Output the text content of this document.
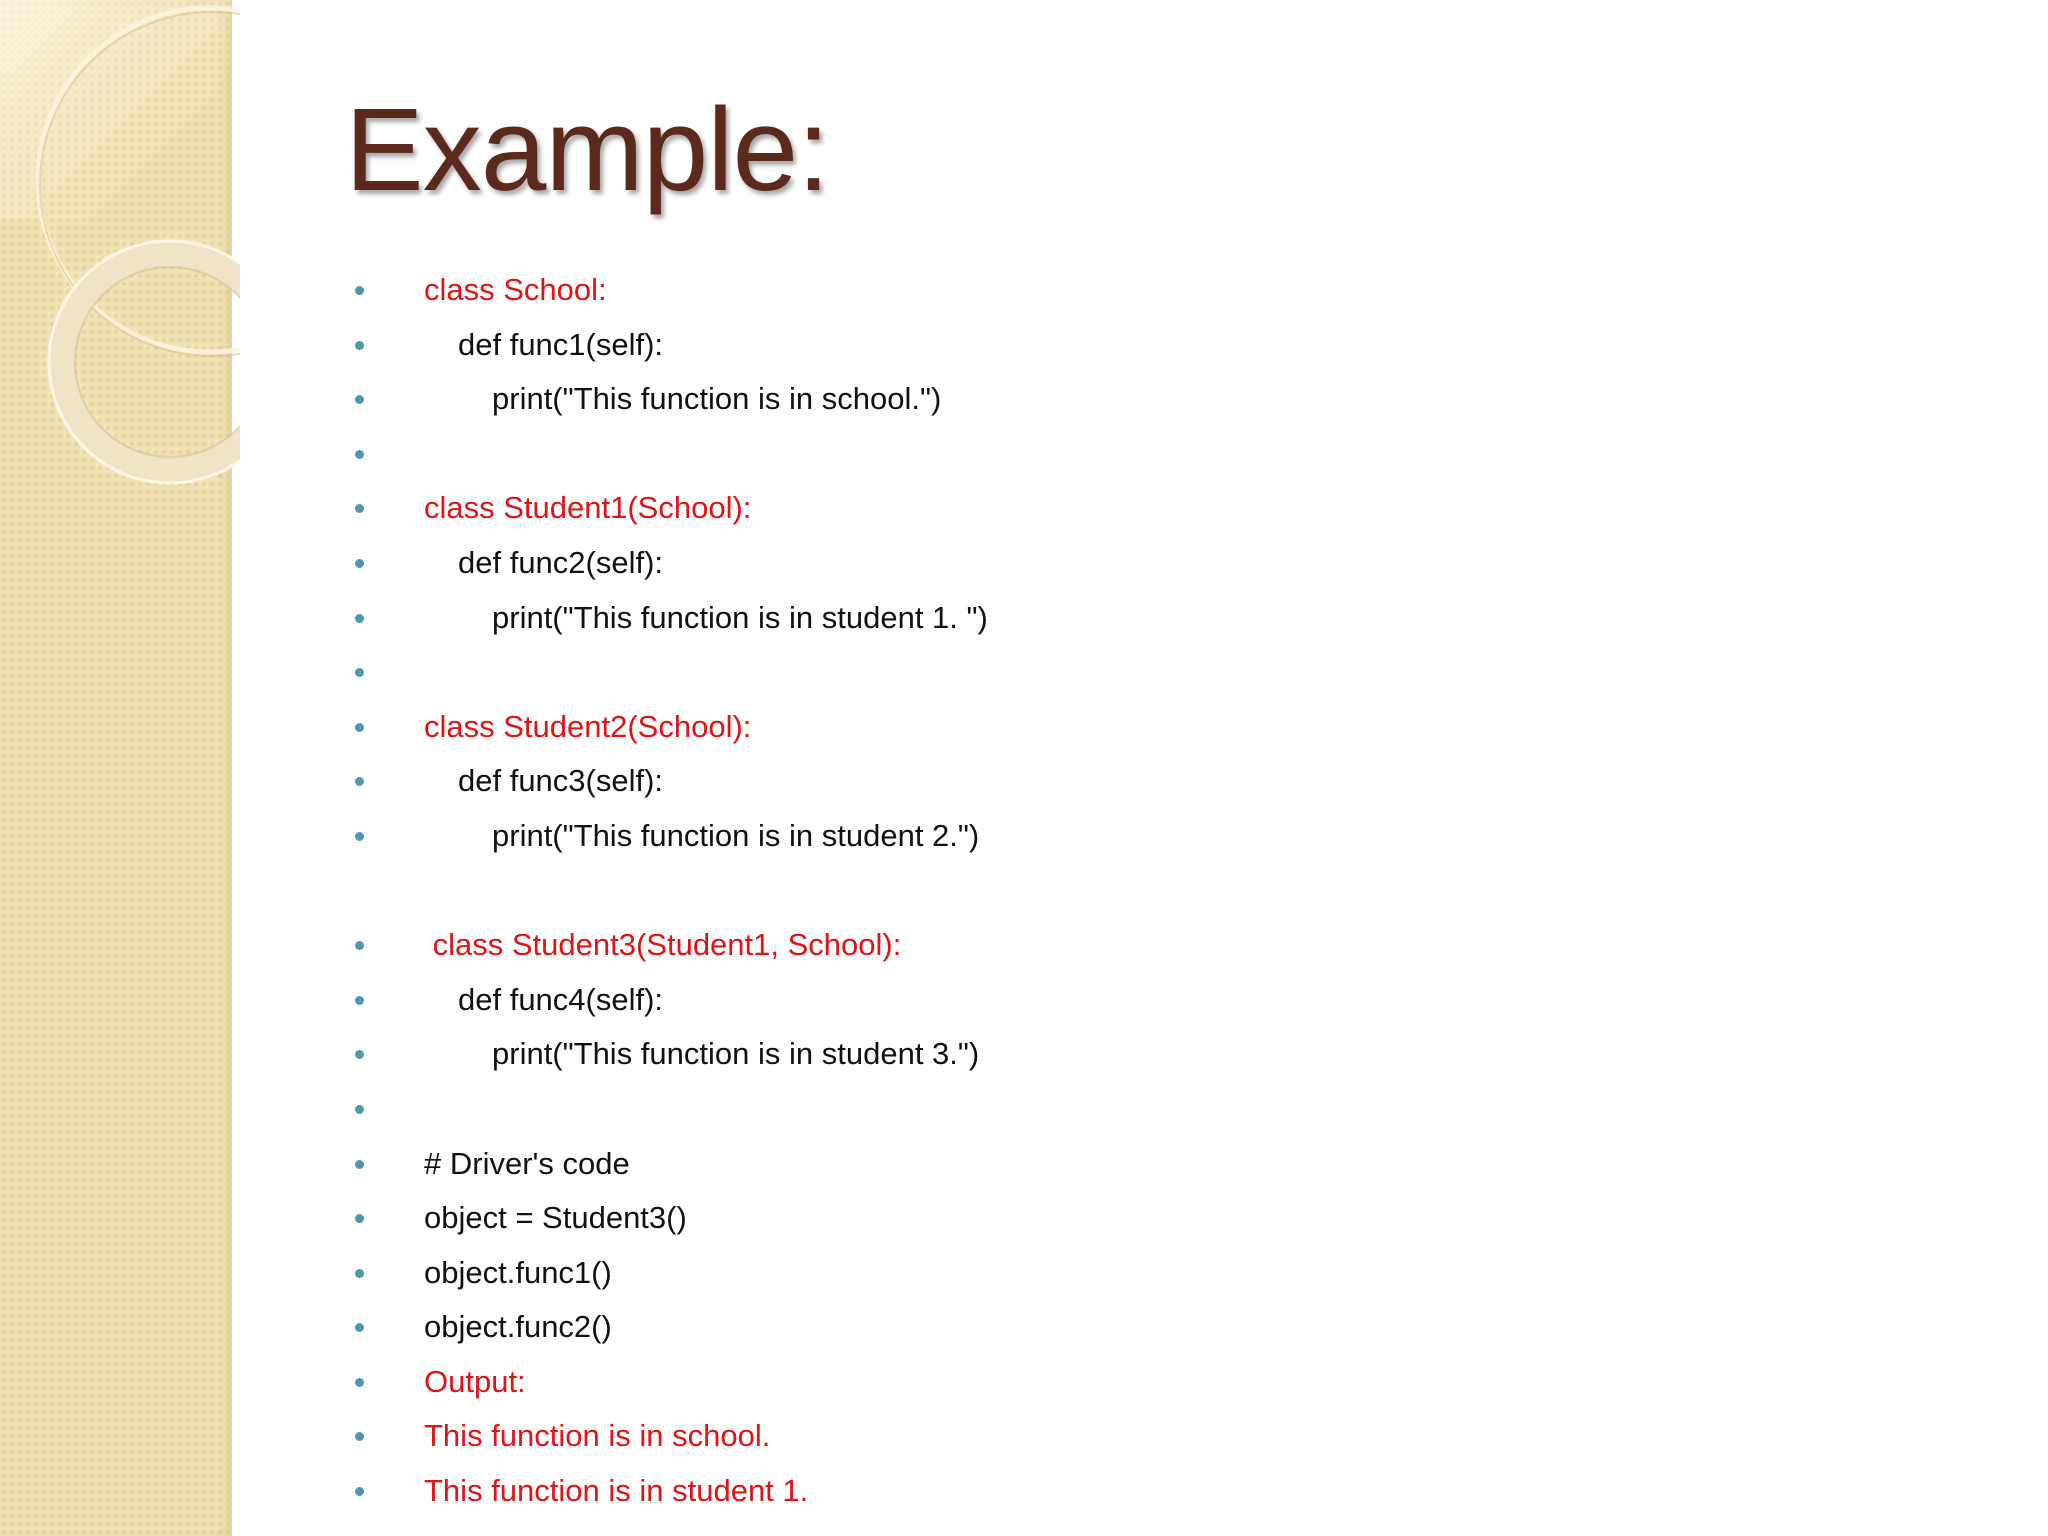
Example:
class School:
def func1(self):
print("This function is in school.")
class Student1(School):
def func2(self):
print("This function is in student 1. ")
class Student2(School):
def func3(self):
print("This function is in student 2.")
class Student3(Student1, School):
def func4(self):
print("This function is in student 3.")
# Driver's code
object = Student3()
object.func1()
object.func2()
Output:
This function is in school.
This function is in student 1.
